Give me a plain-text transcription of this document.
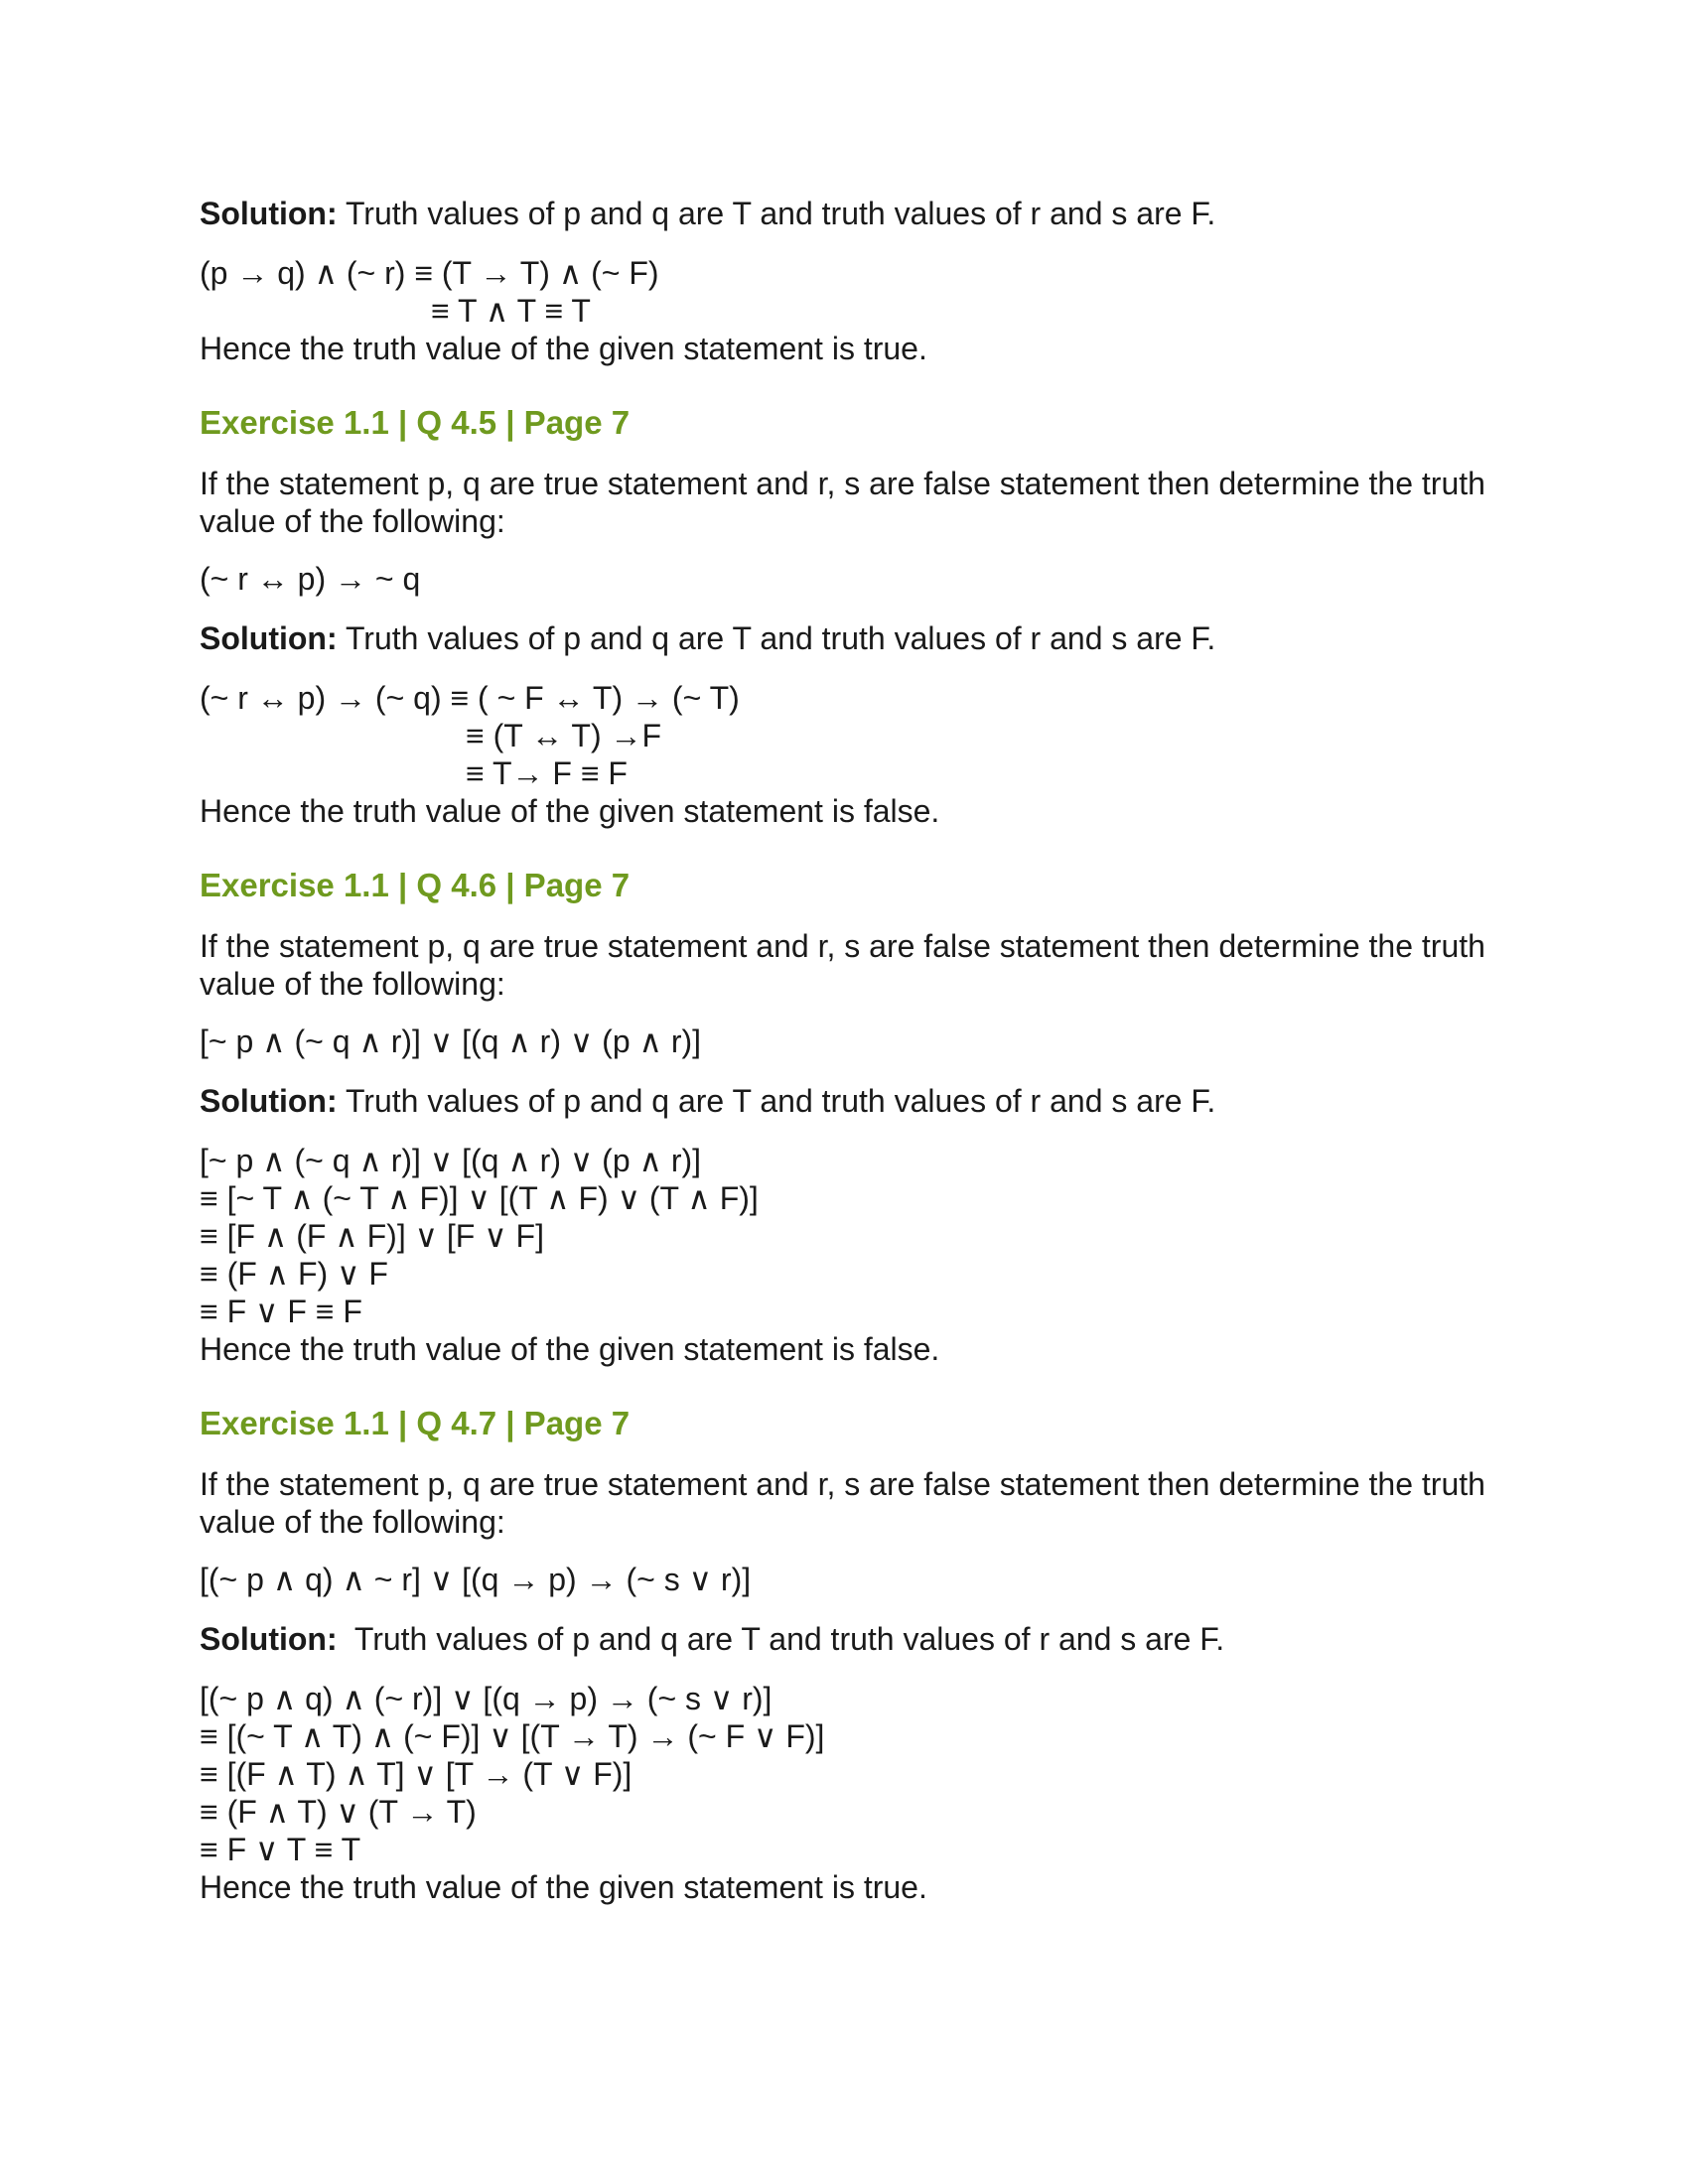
Solution: Truth values of p and q are T and truth values of r and s are F.

(p → q) ∧ (~ r) ≡ (T → T) ∧ (~ F)
≡ T ∧ T ≡ T
Hence the truth value of the given statement is true.
Exercise 1.1 | Q 4.5 | Page 7
If the statement p, q are true statement and r, s are false statement then determine the truth value of the following:
(~ r ↔ p) → ~ q

Solution: Truth values of p and q are T and truth values of r and s are F.

(~ r ↔ p) → (~ q) ≡ ( ~ F ↔ T) → (~ T)
≡ (T ↔ T) →F
≡ T→ F ≡ F
Hence the truth value of the given statement is false.
Exercise 1.1 | Q 4.6 | Page 7
If the statement p, q are true statement and r, s are false statement then determine the truth value of the following:
[~ p ∧ (~ q ∧ r)] ∨ [(q ∧ r) ∨ (p ∧ r)]

Solution: Truth values of p and q are T and truth values of r and s are F.

[~ p ∧ (~ q ∧ r)] ∨ [(q ∧ r) ∨ (p ∧ r)]
≡ [~ T ∧ (~ T ∧ F)] ∨ [(T ∧ F) ∨ (T ∧ F)]
≡ [F ∧ (F ∧ F)] ∨ [F ∨ F]
≡ (F ∧ F) ∨ F
≡ F ∨ F ≡ F
Hence the truth value of the given statement is false.
Exercise 1.1 | Q 4.7 | Page 7
If the statement p, q are true statement and r, s are false statement then determine the truth value of the following:
[(~ p ∧ q) ∧ ~ r] ∨ [(q → p) → (~ s ∨ r)]

Solution:  Truth values of p and q are T and truth values of r and s are F.

[(~ p ∧ q) ∧ (~ r)] ∨ [(q → p) → (~ s ∨ r)]
≡ [(~ T ∧ T) ∧ (~ F)] ∨ [(T → T) → (~ F ∨ F)]
≡ [(F ∧ T) ∧ T] ∨ [T → (T ∨ F)]
≡ (F ∧ T) ∨ (T → T)
≡ F ∨ T ≡ T
Hence the truth value of the given statement is true.
